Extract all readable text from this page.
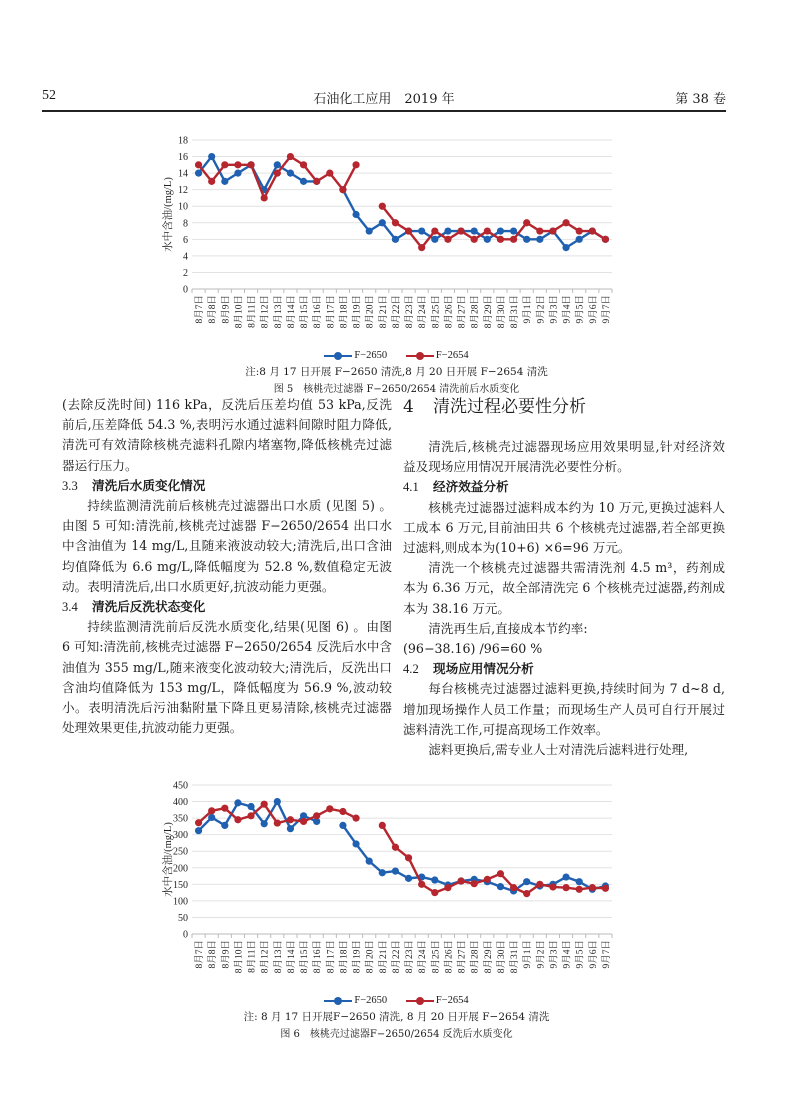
52	石油化工应用　2019 年	第 38 卷
0
2
4
6
8
10
12
14
16
18
水中含油/(mg/L)
8月7日 8月8日 8月9日 8月10日 8月11日 8月12日 8月13日 8月14日 8月15日 8月16日 8月17日 8月18日 8月19日 8月20日 8月21日 8月22日 8月23日 8月24日 8月25日 8月26日 8月27日 8月28日 8月29日 8月30日 8月31日 9月1日 9月2日 9月3日 9月4日 9月5日 9月6日 9月7日
F−2650	F−2654
注:8 月 17 日开展 F−2650 清洗,8 月 20 日开展 F−2654 清洗
图 5　核桃壳过滤器 F−2650/2654 清洗前后水质变化

(去除反洗时间) 116 kPa，反洗后压差均值 53 kPa,反洗前后,压差降低 54.3 %,表明污水通过滤料间隙时阻力降低,清洗可有效清除核桃壳滤料孔隙内堵塞物,降低核桃壳过滤器运行压力。

3.3 清洗后水质变化情况

持续监测清洗前后核桃壳过滤器出口水质 (见图 5) 。由图 5 可知:清洗前,核桃壳过滤器 F−2650/2654 出口水中含油值为 14 mg/L,且随来液波动较大;清洗后,出口含油均值降低为 6.6 mg/L,降低幅度为 52.8 %,数值稳定无波动。表明清洗后,出口水质更好,抗波动能力更强。

3.4 清洗后反洗状态变化

持续监测清洗前后反洗水质变化,结果(见图 6) 。由图 6 可知:清洗前,核桃壳过滤器 F−2650/2654 反洗后水中含油值为 355 mg/L,随来液变化波动较大;清洗后，反洗出口含油均值降低为 153 mg/L，降低幅度为 56.9 %,波动较小。表明清洗后污油黏附量下降且更易清除,核桃壳过滤器处理效果更佳,抗波动能力更强。

4 清洗过程必要性分析

清洗后,核桃壳过滤器现场应用效果明显,针对经济效益及现场应用情况开展清洗必要性分析。

4.1 经济效益分析

核桃壳过滤器过滤料成本约为 10 万元,更换过滤料人工成本 6 万元,目前油田共 6 个核桃壳过滤器,若全部更换过滤料,则成本为(10+6) ×6=96 万元。

清洗一个核桃壳过滤器共需清洗剂 4.5 m³，药剂成本为 6.36 万元，故全部清洗完 6 个核桃壳过滤器,药剂成本为 38.16 万元。

清洗再生后,直接成本节约率:

(96−38.16) /96=60 %

4.2 现场应用情况分析

每台核桃壳过滤器过滤料更换,持续时间为 7 d~8 d,增加现场操作人员工作量；而现场生产人员可自行开展过滤料清洗工作,可提高现场工作效率。

滤料更换后,需专业人士对清洗后滤料进行处理,

0
50
100
150
200
250
300
350
400
450
水中含油/(mg/L)
8月7日 8月8日 8月9日 8月10日 8月11日 8月12日 8月13日 8月14日 8月15日 8月16日 8月17日 8月18日 8月19日 8月20日 8月21日 8月22日 8月23日 8月24日 8月25日 8月26日 8月27日 8月28日 8月29日 8月30日 8月31日 9月1日 9月2日 9月3日 9月4日 9月5日 9月6日 9月7日
F−2650	F−2654
注: 8 月 17 日开展F−2650 清洗, 8 月 20 日开展 F−2654 清洗
图 6　核桃壳过滤器F−2650/2654 反洗后水质变化
